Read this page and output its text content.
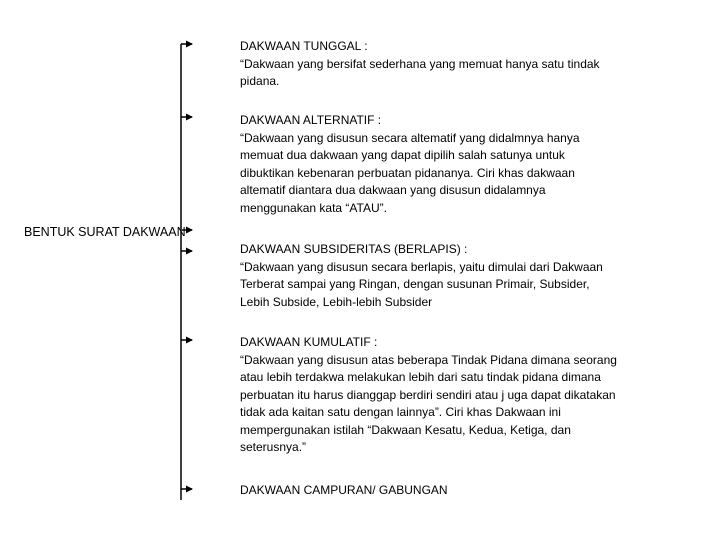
BENTUK SURAT DAKWAAN
DAKWAAN TUNGGAL :
“Dakwaan yang bersifat sederhana yang memuat hanya satu tindak pidana.
DAKWAAN ALTERNATIF :
“Dakwaan yang disusun secara altematif yang didalmnya hanya memuat dua dakwaan yang dapat dipilih salah satunya untuk dibuktikan kebenaran perbuatan pidananya. Ciri khas dakwaan altematif diantara dua dakwaan yang disusun didalamnya menggunakan kata “ATAU”.
DAKWAAN SUBSIDERITAS (BERLAPIS) :
“Dakwaan yang disusun secara berlapis, yaitu dimulai dari Dakwaan Terberat sampai yang Ringan, dengan susunan Primair, Subsider, Lebih Subside, Lebih-lebih Subsider
DAKWAAN KUMULATIF :
“Dakwaan yang disusun atas beberapa Tindak Pidana dimana seorang atau lebih terdakwa melakukan lebih dari satu tindak pidana dimana perbuatan itu harus dianggap berdiri sendiri atau j uga dapat dikatakan tidak ada kaitan satu dengan lainnya”. Ciri khas Dakwaan ini mempergunakan istilah “Dakwaan Kesatu, Kedua, Ketiga, dan seterusnya.”
DAKWAAN CAMPURAN/ GABUNGAN
